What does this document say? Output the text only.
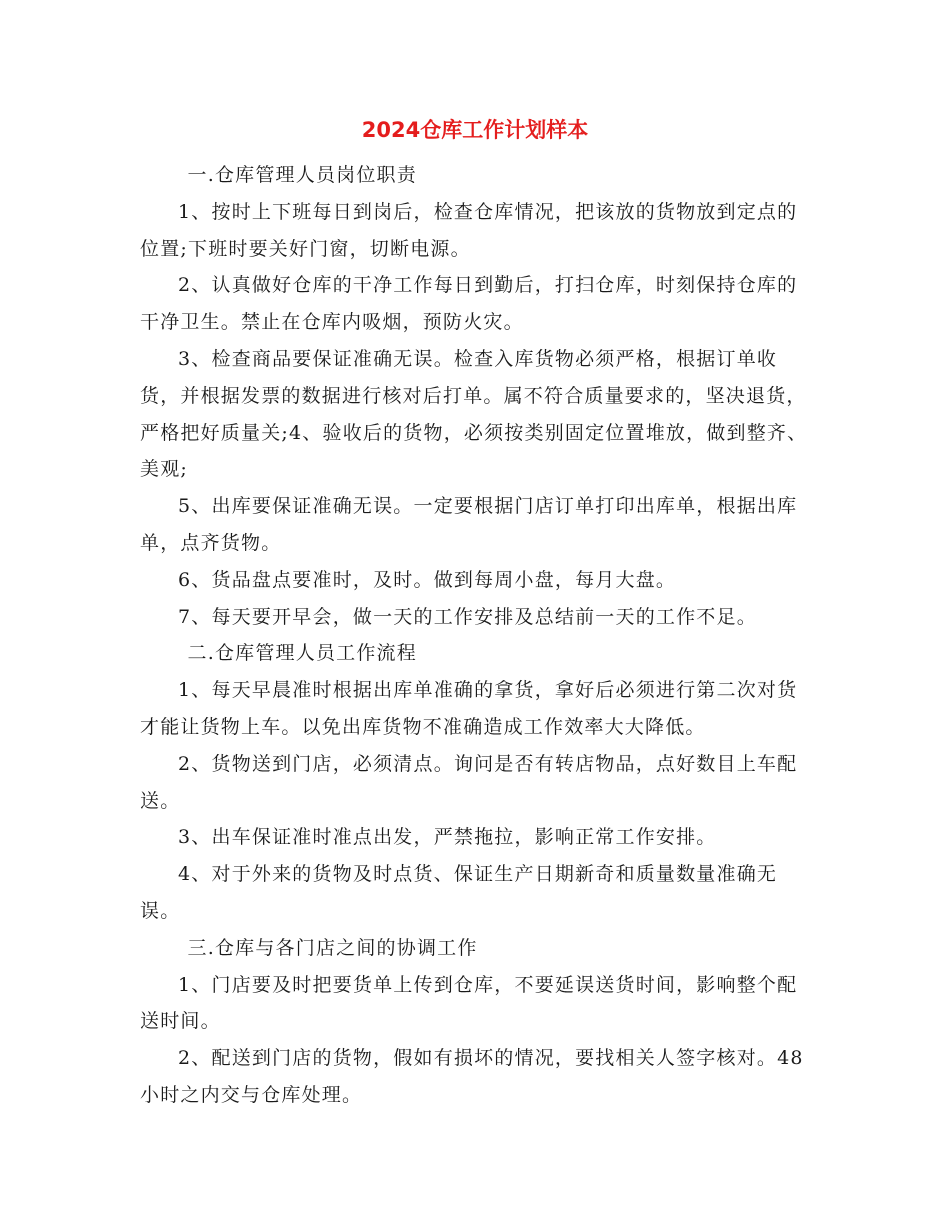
2024仓库工作计划样本

一.仓库管理人员岗位职责

1、按时上下班每日到岗后，检查仓库情况，把该放的货物放到定点的位置;下班时要关好门窗，切断电源。

2、认真做好仓库的干净工作每日到勤后，打扫仓库，时刻保持仓库的干净卫生。禁止在仓库内吸烟，预防火灾。

3、检查商品要保证准确无误。检查入库货物必须严格，根据订单收货，并根据发票的数据进行核对后打单。属不符合质量要求的，坚决退货，严格把好质量关;4、验收后的货物，必须按类别固定位置堆放，做到整齐、美观;

5、出库要保证准确无误。一定要根据门店订单打印出库单，根据出库单，点齐货物。

6、货品盘点要准时，及时。做到每周小盘，每月大盘。

7、每天要开早会，做一天的工作安排及总结前一天的工作不足。

二.仓库管理人员工作流程

1、每天早晨准时根据出库单准确的拿货，拿好后必须进行第二次对货才能让货物上车。以免出库货物不准确造成工作效率大大降低。

2、货物送到门店，必须清点。询问是否有转店物品，点好数目上车配送。

3、出车保证准时准点出发，严禁拖拉，影响正常工作安排。

4、对于外来的货物及时点货、保证生产日期新奇和质量数量准确无误。

三.仓库与各门店之间的协调工作

1、门店要及时把要货单上传到仓库，不要延误送货时间，影响整个配送时间。

2、配送到门店的货物，假如有损坏的情况，要找相关人签字核对。48小时之内交与仓库处理。
